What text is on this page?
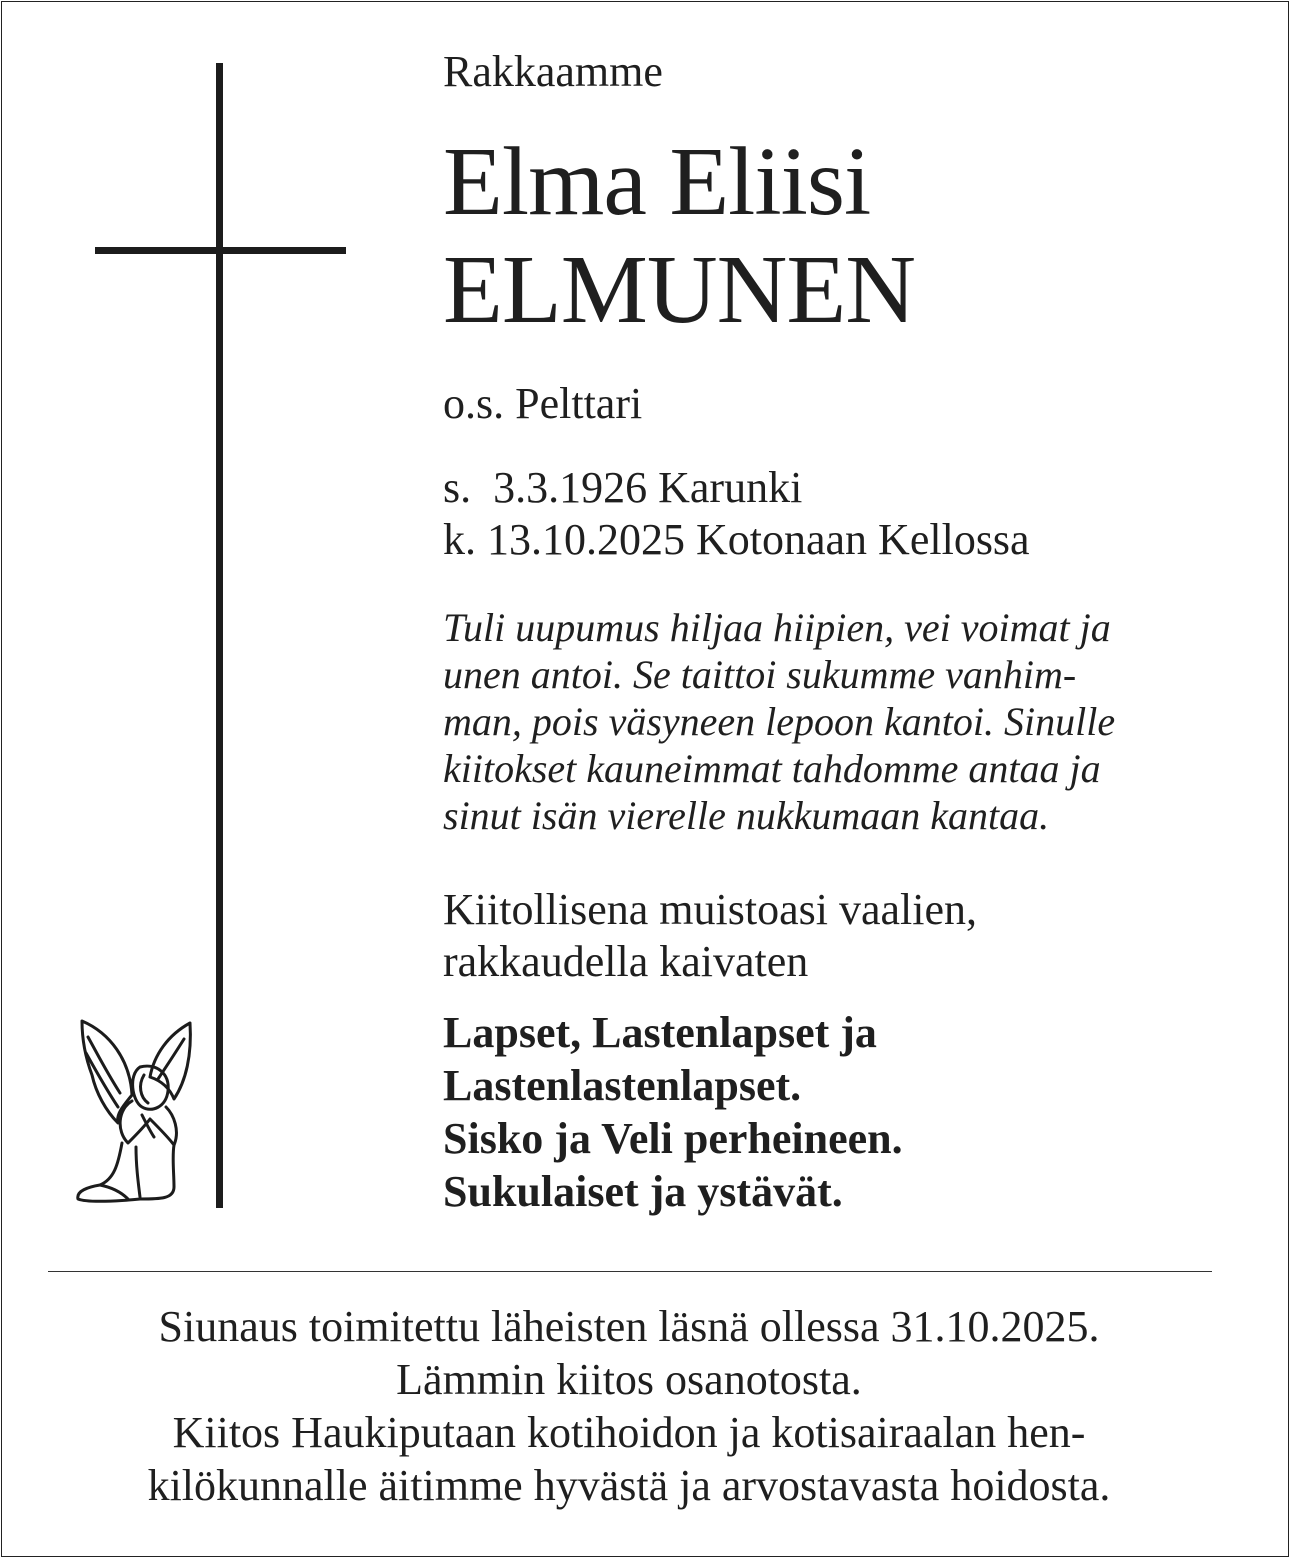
Rakkaamme
Elma Eliisi
ELMUNEN
o.s. Pelttari
s.  3.3.1926 Karunki
k. 13.10.2025 Kotonaan Kellossa
Tuli uupumus hiljaa hiipien, vei voimat ja
unen antoi. Se taittoi sukumme vanhim-
man, pois väsyneen lepoon kantoi. Sinulle
kiitokset kauneimmat tahdomme antaa ja
sinut isän vierelle nukkumaan kantaa.
Kiitollisena muistoasi vaalien,
rakkaudella kaivaten
Lapset, Lastenlapset ja
Lastenlastenlapset.
Sisko ja Veli perheineen.
Sukulaiset ja ystävät.
Siunaus toimitettu läheisten läsnä ollessa 31.10.2025.
Lämmin kiitos osanotosta.
Kiitos Haukiputaan kotihoidon ja kotisairaalan hen-
kilökunnalle äitimme hyvästä ja arvostavasta hoidosta.
